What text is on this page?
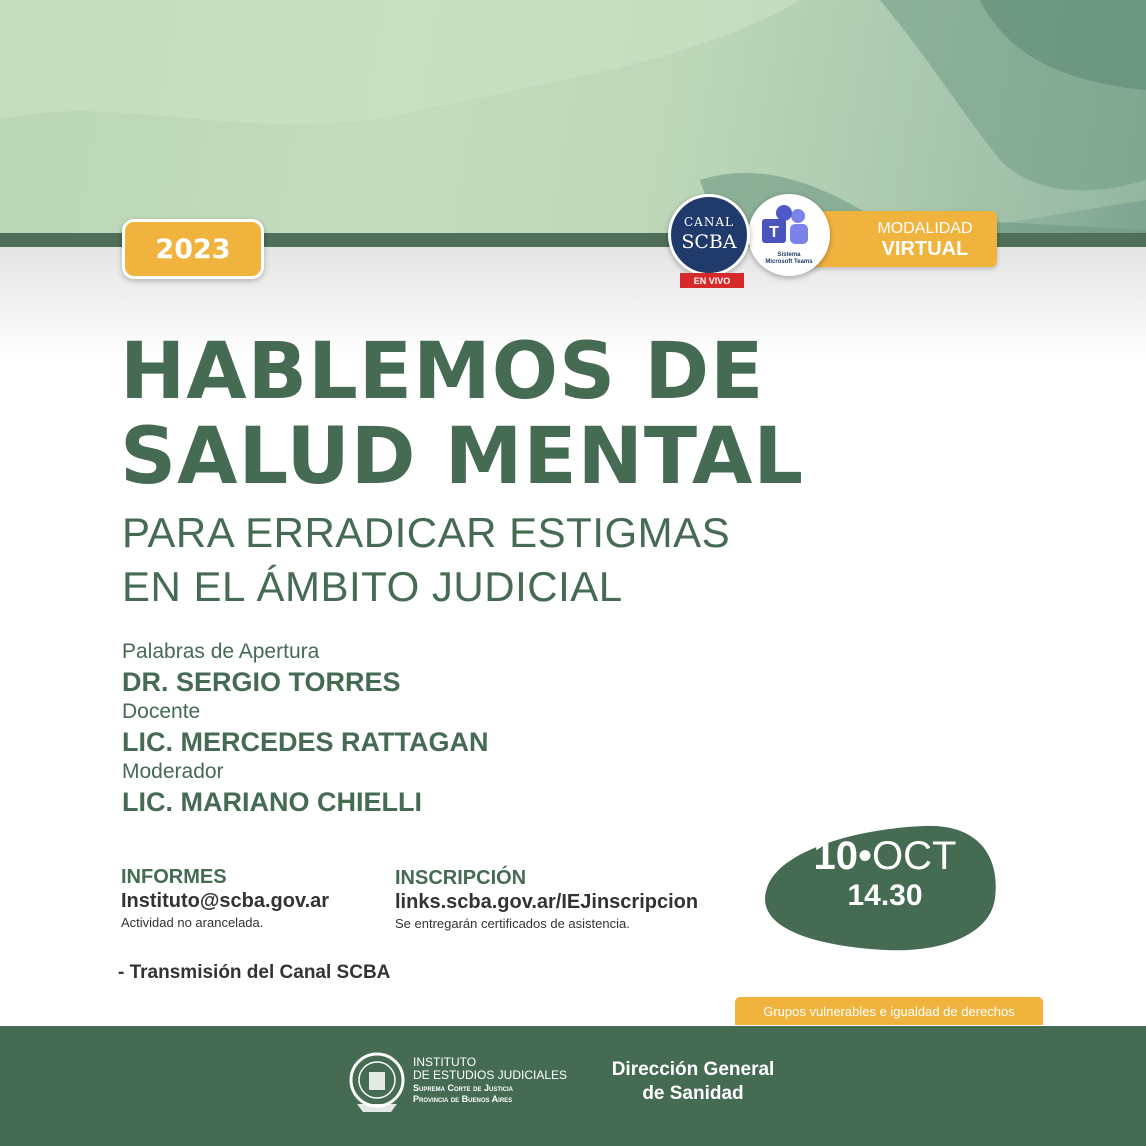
2023
MODALIDAD
VIRTUAL
T
Sistema
Microsoft Teams
CANAL
SCBA
EN VIVO
HABLEMOS DE
SALUD MENTAL
PARA ERRADICAR ESTIGMAS
EN EL ÁMBITO JUDICIAL
Palabras de Apertura
DR. SERGIO TORRES
Docente
LIC. MERCEDES RATTAGAN
Moderador
LIC. MARIANO CHIELLI
INFORMES
Instituto@scba.gov.ar
Actividad no arancelada.
INSCRIPCIÓN
links.scba.gov.ar/IEJinscripcion
Se entregarán certificados de asistencia.
10•OCT
14.30
- Transmisión del Canal SCBA
Grupos vulnerables e igualdad de derechos
INSTITUTO
DE ESTUDIOS JUDICIALES
Suprema Corte de Justicia
Provincia de Buenos Aires
Dirección General
de Sanidad
